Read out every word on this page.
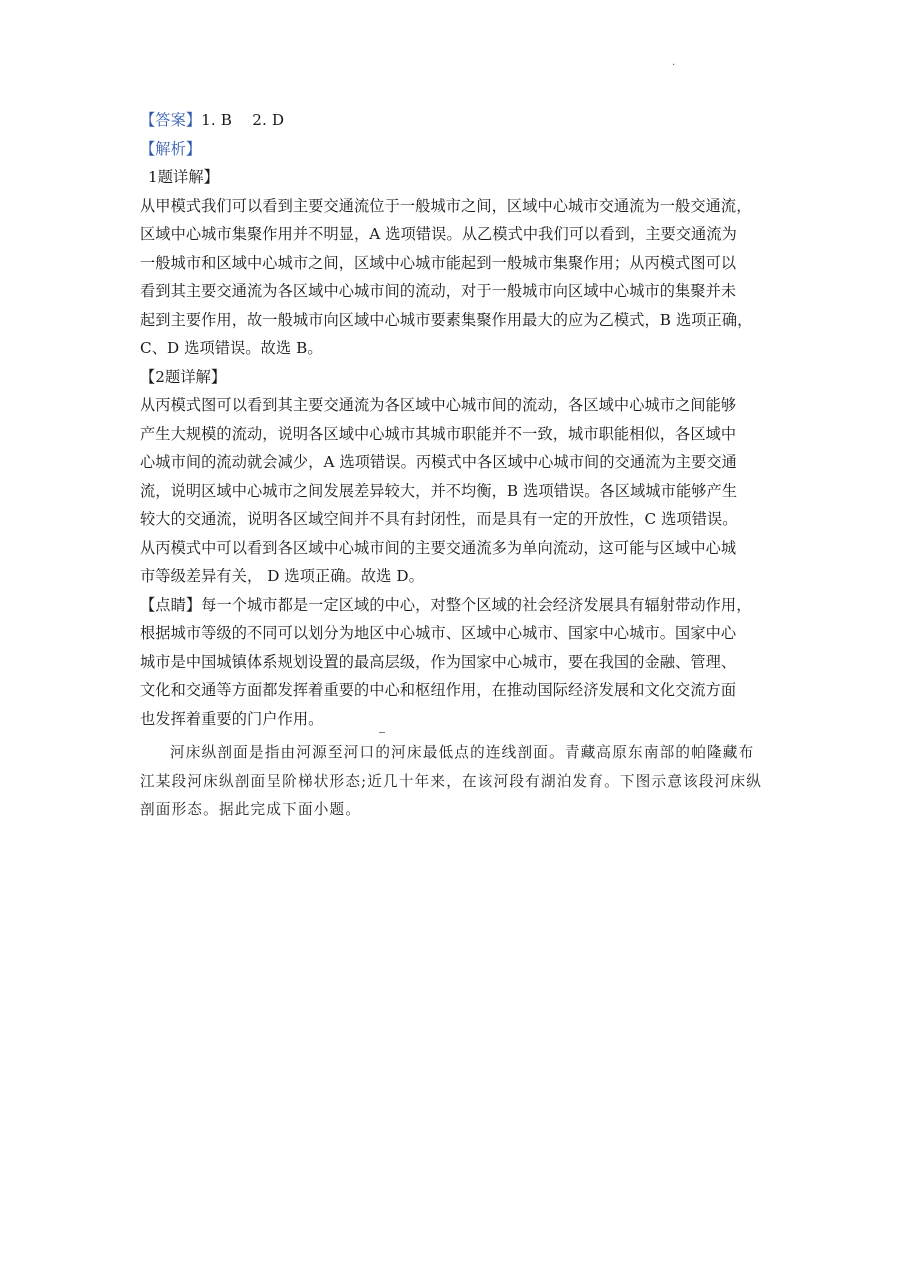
.
【答案】1. B　 2. D
【解析】
1题详解】
从甲模式我们可以看到主要交通流位于一般城市之间，区域中心城市交通流为一般交通流，
区域中心城市集聚作用并不明显，A 选项错误。从乙模式中我们可以看到，主要交通流为
一般城市和区域中心城市之间，区域中心城市能起到一般城市集聚作用；从丙模式图可以
看到其主要交通流为各区域中心城市间的流动，对于一般城市向区域中心城市的集聚并未
起到主要作用，故一般城市向区域中心城市要素集聚作用最大的应为乙模式，B 选项正确，
C、D 选项错误。故选 B。
【2题详解】
从丙模式图可以看到其主要交通流为各区域中心城市间的流动，各区域中心城市之间能够
产生大规模的流动，说明各区域中心城市其城市职能并不一致，城市职能相似，各区域中
心城市间的流动就会减少，A 选项错误。丙模式中各区域中心城市间的交通流为主要交通
流，说明区域中心城市之间发展差异较大，并不均衡，B 选项错误。各区域城市能够产生
较大的交通流，说明各区域空间并不具有封闭性，而是具有一定的开放性，C 选项错误。
从丙模式中可以看到各区域中心城市间的主要交通流多为单向流动，这可能与区域中心城
市等级差异有关， D 选项正确。故选 D。
【点睛】每一个城市都是一定区域的中心，对整个区域的社会经济发展具有辐射带动作用，
根据城市等级的不同可以划分为地区中心城市、区域中心城市、国家中心城市。国家中心
城市是中国城镇体系规划设置的最高层级，作为国家中心城市，要在我国的金融、管理、
文化和交通等方面都发挥着重要的中心和枢纽作用，在推动国际经济发展和文化交流方面
也发挥着重要的门户作用。
河床纵剖面是指由河源至河口的河床最低点的连线剖面。青藏高原东南部的帕隆藏布
江某段河床纵剖面呈阶梯状形态;近几十年来，在该河段有湖泊发育。下图示意该段河床纵
剖面形态。据此完成下面小题。
